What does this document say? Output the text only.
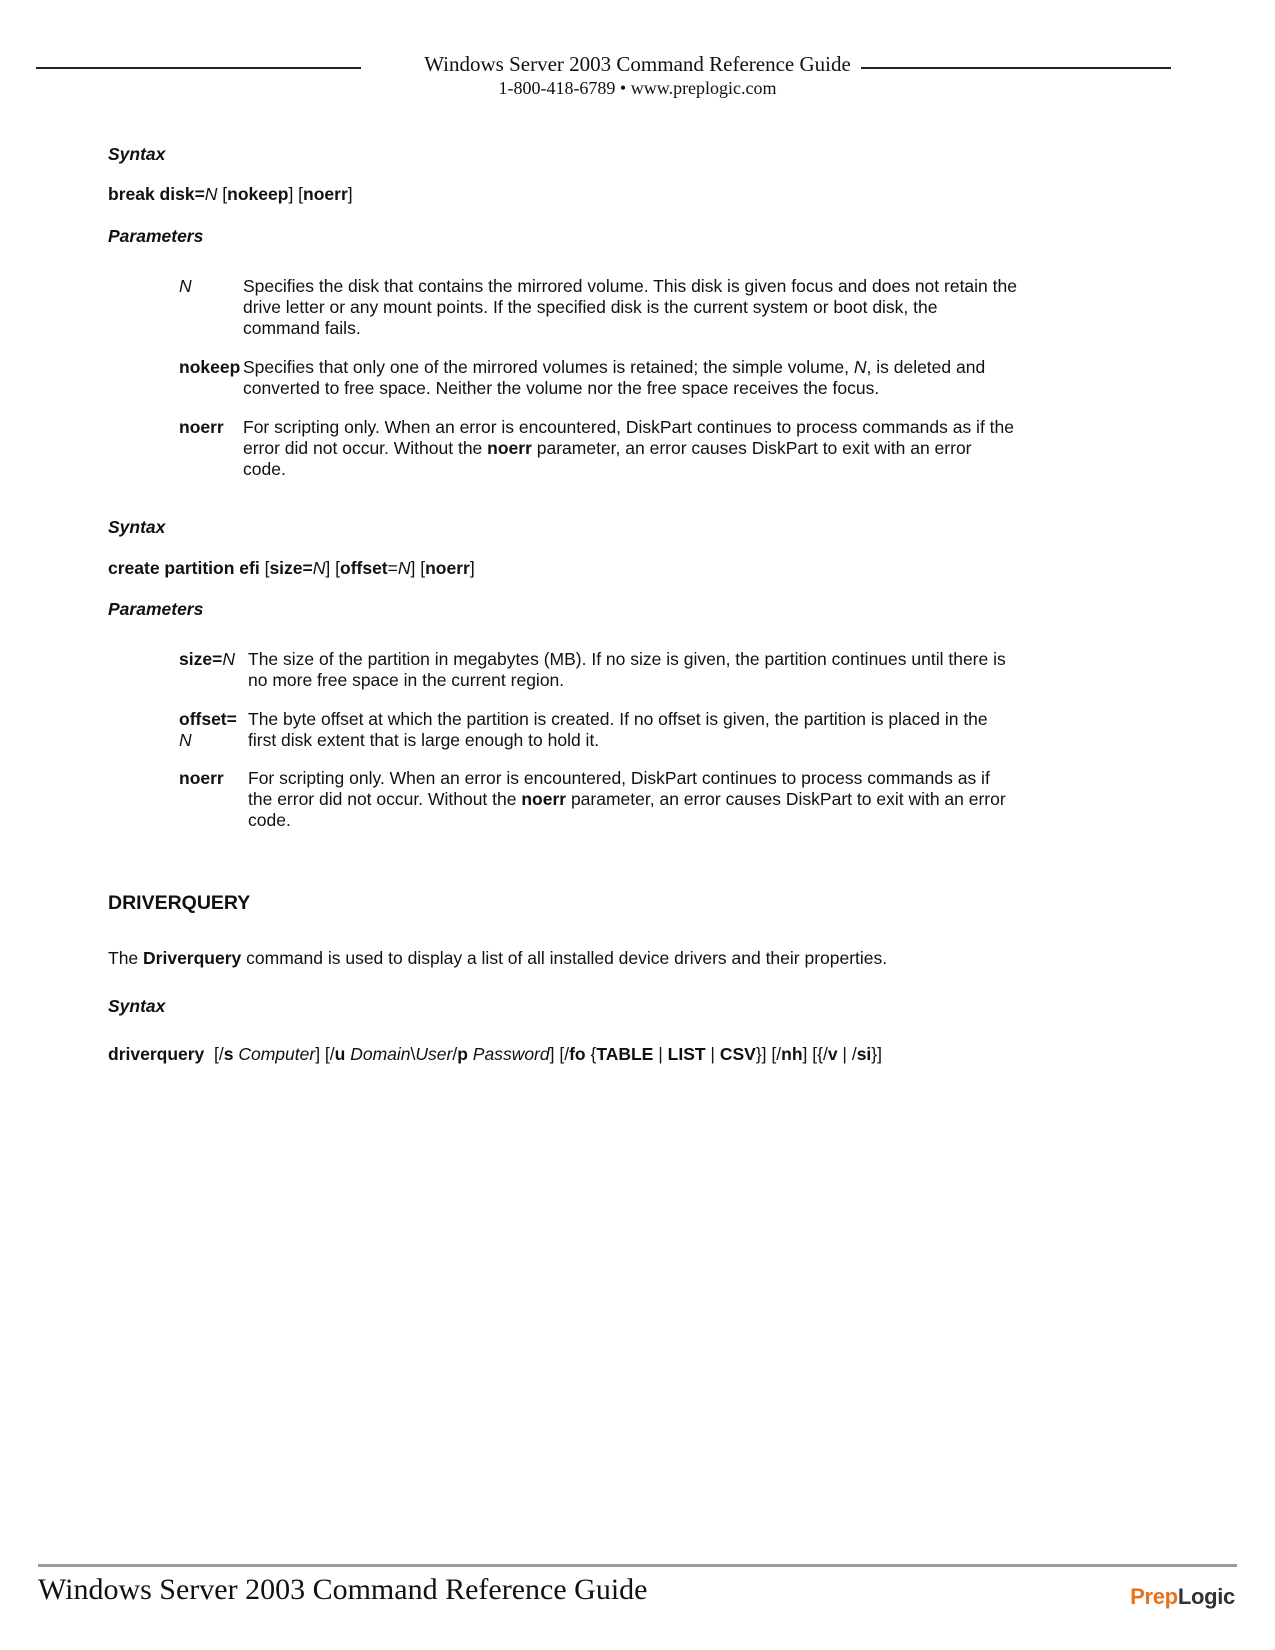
Windows Server 2003 Command Reference Guide
1-800-418-6789 • www.preplogic.com
Syntax
break disk=N [nokeep] [noerr]
Parameters
N	Specifies the disk that contains the mirrored volume. This disk is given focus and does not retain the
drive letter or any mount points. If the specified disk is the current system or boot disk, the
command fails.
nokeep Specifies that only one of the mirrored volumes is retained; the simple volume, N, is deleted and
converted to free space. Neither the volume nor the free space receives the focus.
noerr For scripting only. When an error is encountered, DiskPart continues to process commands as if the
error did not occur. Without the noerr parameter, an error causes DiskPart to exit with an error
code.
Syntax
create partition efi [size=N] [offset=N] [noerr]
Parameters
size=N The size of the partition in megabytes (MB). If no size is given, the partition continues until there is
no more free space in the current region.
offset=
N
The byte offset at which the partition is created. If no offset is given, the partition is placed in the
first disk extent that is large enough to hold it.
noerr For scripting only. When an error is encountered, DiskPart continues to process commands as if
the error did not occur. Without the noerr parameter, an error causes DiskPart to exit with an error
code.
DRIVERQUERY
The Driverquery command is used to display a list of all installed device drivers and their properties.
Syntax
driverquery  [/s Computer] [/u Domain\User/p Password] [/fo {TABLE | LIST | CSV}] [/nh] [{/v | /si}]
Windows Server 2003 Command Reference Guide	PrepLogic
